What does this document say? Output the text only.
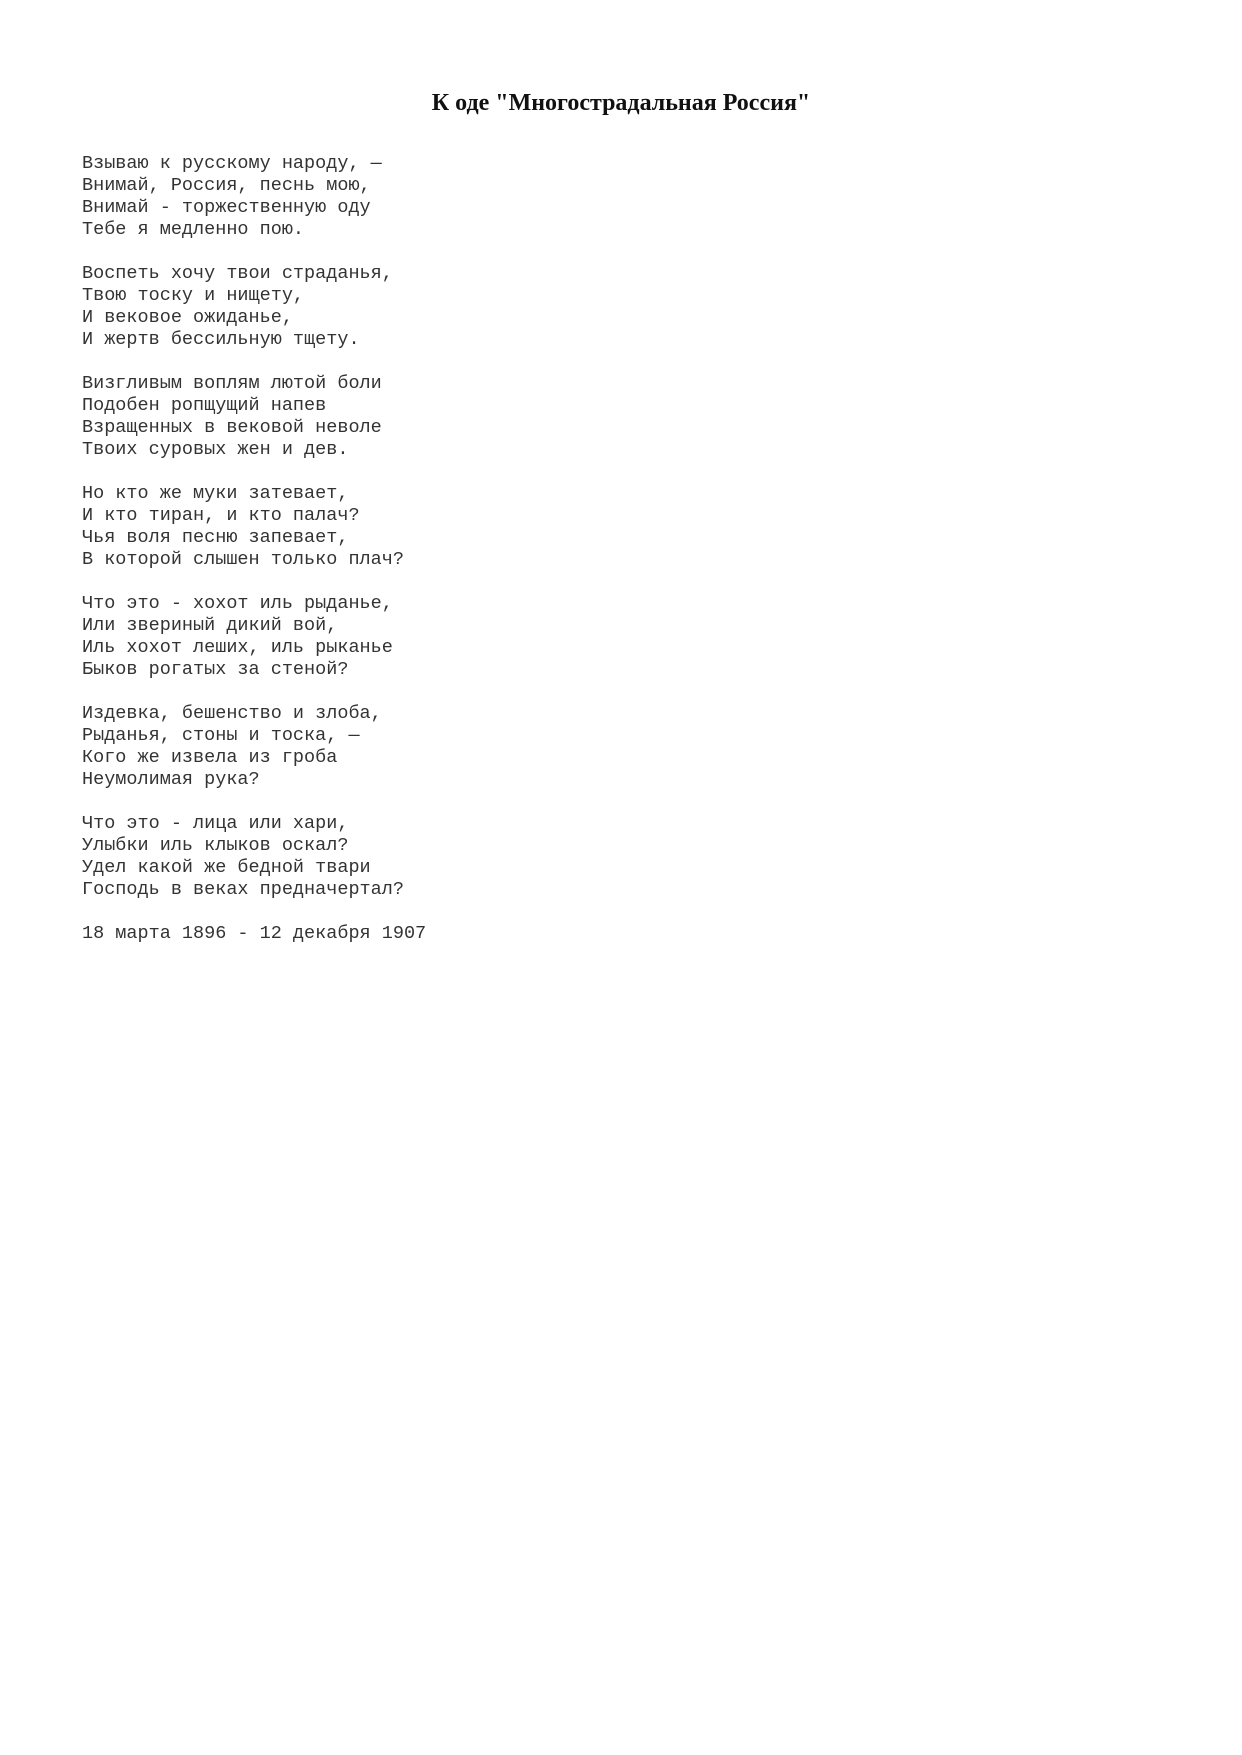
К оде "Многострадальная Россия"
Взываю к русскому народу, —
Внимай, Россия, песнь мою,
Внимай - торжественную оду
Тебе я медленно пою.
Воспеть хочу твои страданья,
Твою тоску и нищету,
И вековое ожиданье,
И жертв бессильную тщету.
Визгливым воплям лютой боли
Подобен ропщущий напев
Взращенных в вековой неволе
Твоих суровых жен и дев.
Но кто же муки затевает,
И кто тиран, и кто палач?
Чья воля песню запевает,
В которой слышен только плач?
Что это - хохот иль рыданье,
Или звериный дикий вой,
Иль хохот леших, иль рыканье
Быков рогатых за стеной?
Издевка, бешенство и злоба,
Рыданья, стоны и тоска, —
Кого же извела из гроба
Неумолимая рука?
Что это - лица или хари,
Улыбки иль клыков оскал?
Удел какой же бедной твари
Господь в веках предначертал?
18 марта 1896 - 12 декабря 1907
